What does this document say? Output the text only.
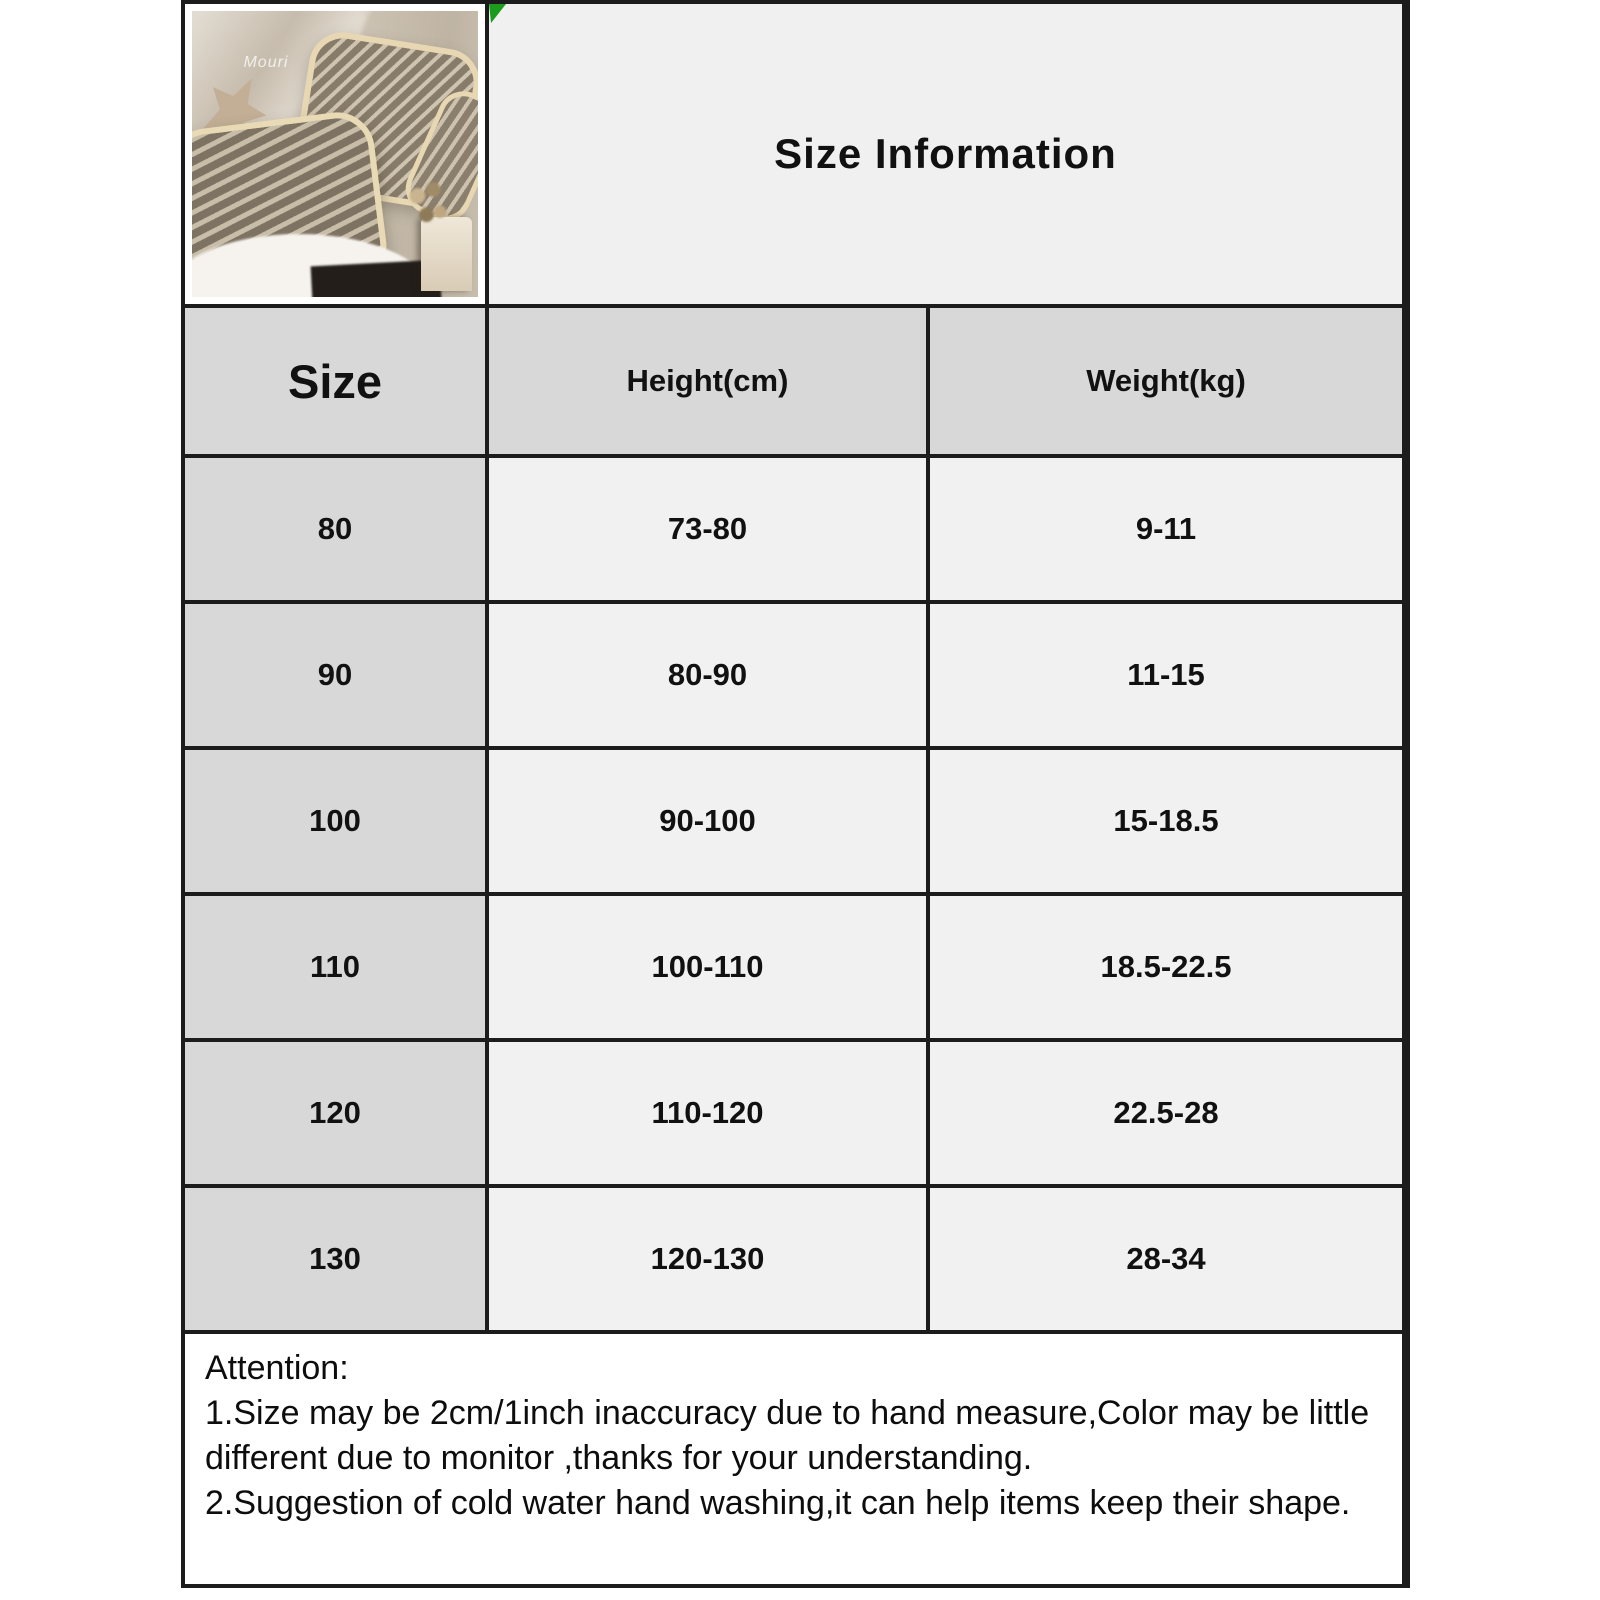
Mouri
Size Information
Size	Height(cm)	Weight(kg)
80	73-80	9-11
90	80-90	11-15
100	90-100	15-18.5
110	100-110	18.5-22.5
120	110-120	22.5-28
130	120-130	28-34

Attention:

1.Size may be 2cm/1inch inaccuracy due to hand measure,Color may be little different due to monitor ,thanks for your understanding.

2.Suggestion of cold water hand washing,it can help items keep their shape.
